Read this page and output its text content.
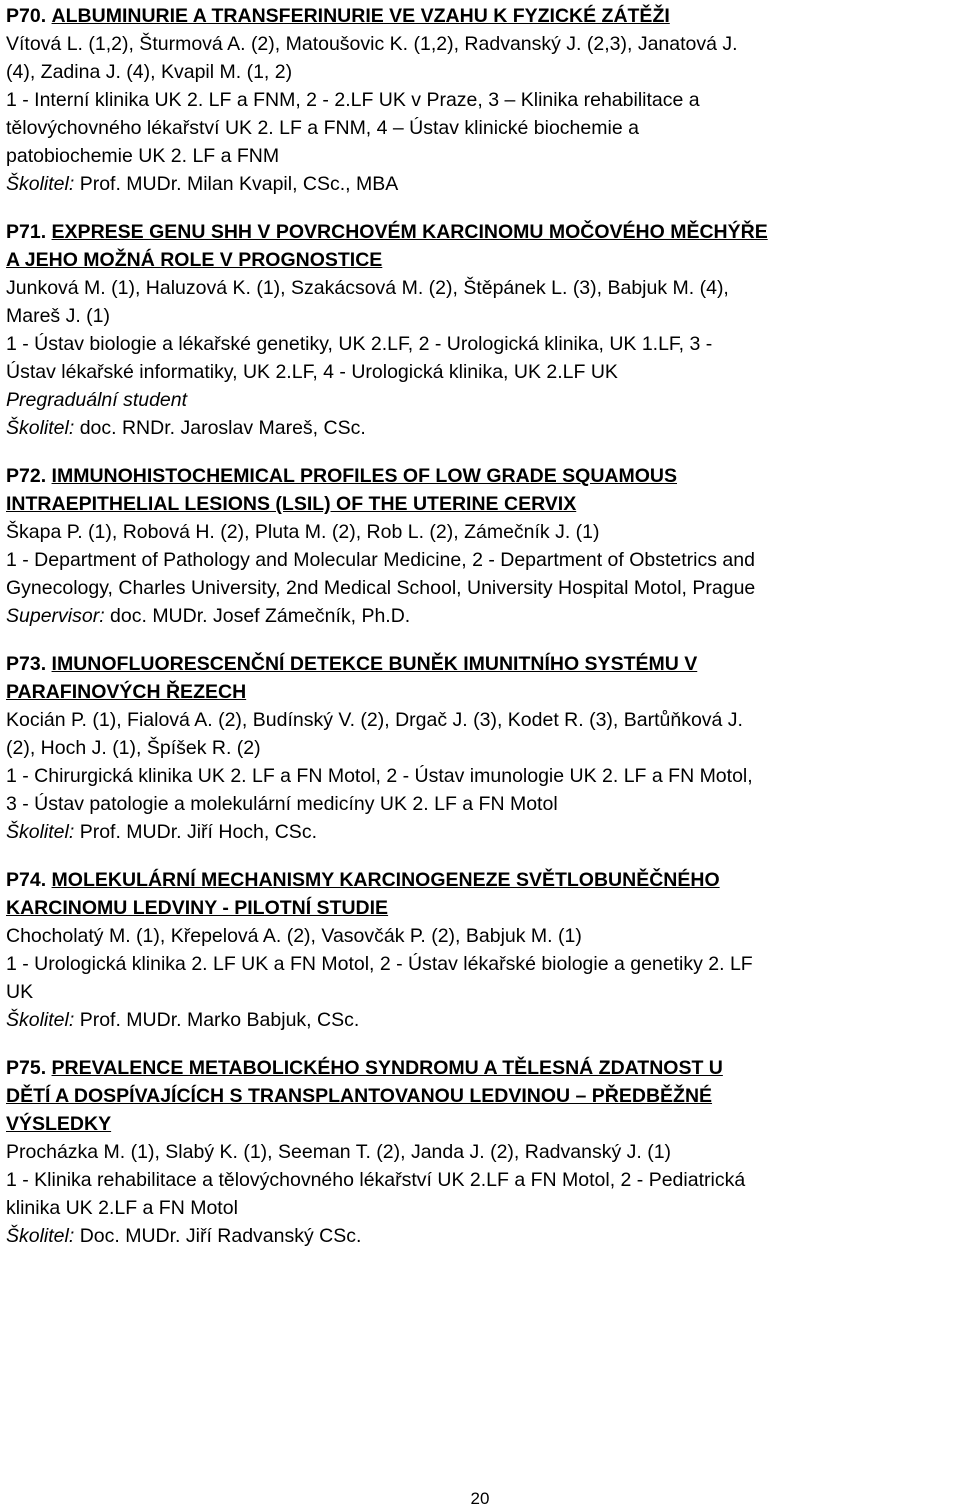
P70. ALBUMINURIE A TRANSFERINURIE VE VZAHU K FYZICKÉ ZÁTĚŽI
Vítová L. (1,2), Šturmová A. (2), Matoušovic K. (1,2), Radvanský J. (2,3), Janatová J.
(4), Zadina J. (4), Kvapil M. (1, 2)
1 - Interní klinika UK 2. LF a FNM, 2 - 2.LF UK v Praze, 3 – Klinika rehabilitace a
tělovýchovného lékařství UK 2. LF a FNM, 4 – Ústav klinické biochemie a
patobiochemie UK 2. LF a FNM
Školitel: Prof. MUDr. Milan Kvapil, CSc., MBA
P71. EXPRESE GENU SHH V POVRCHOVÉM KARCINOMU MOČOVÉHO MĚCHÝŘE
A JEHO MOŽNÁ ROLE V PROGNOSTICE
Junková M. (1), Haluzová K. (1), Szakácsová M. (2), Štěpánek L. (3), Babjuk M. (4),
Mareš J. (1)
1 - Ústav biologie a lékařské genetiky, UK 2.LF, 2 - Urologická klinika, UK 1.LF, 3 -
Ústav lékařské informatiky, UK 2.LF, 4 - Urologická klinika, UK 2.LF UK
Pregraduální student
Školitel: doc. RNDr. Jaroslav Mareš, CSc.
P72. IMMUNOHISTOCHEMICAL PROFILES OF LOW GRADE SQUAMOUS
INTRAEPITHELIAL LESIONS (LSIL) OF THE UTERINE CERVIX
Škapa P. (1), Robová H. (2), Pluta M. (2), Rob L. (2), Zámečník J. (1)
1 - Department of Pathology and Molecular Medicine, 2 - Department of Obstetrics and
Gynecology, Charles University, 2nd Medical School, University Hospital Motol, Prague
Supervisor: doc. MUDr. Josef Zámečník, Ph.D.
P73. IMUNOFLUORESCENČNÍ DETEKCE BUNĚK IMUNITNÍHO SYSTÉMU V
PARAFINOVÝCH ŘEZECH
Kocián P. (1), Fialová A. (2), Budínský V. (2), Drgač J. (3), Kodet R. (3), Bartůňková J.
(2), Hoch J. (1), Špíšek R. (2)
1 - Chirurgická klinika UK 2. LF a FN Motol, 2 - Ústav imunologie UK 2. LF a FN Motol,
3 - Ústav patologie a molekulární medicíny UK 2. LF a FN Motol
Školitel: Prof. MUDr. Jiří Hoch, CSc.
P74. MOLEKULÁRNÍ MECHANISMY KARCINOGENEZE SVĚTLOBUNĚČNÉHO
KARCINOMU LEDVINY - PILOTNÍ STUDIE
Chocholatý M. (1), Křepelová A. (2), Vasovčák P. (2), Babjuk M. (1)
1 - Urologická klinika 2. LF UK a FN Motol, 2 - Ústav lékařské biologie a genetiky 2. LF
UK
Školitel: Prof. MUDr. Marko Babjuk, CSc.
P75. PREVALENCE METABOLICKÉHO SYNDROMU A TĚLESNÁ ZDATNOST U
DĚTÍ A DOSPÍVAJÍCÍCH S TRANSPLANTOVANOU LEDVINOU – PŘEDBĚŽNÉ
VÝSLEDKY
Procházka M. (1), Slabý K. (1), Seeman T. (2), Janda J. (2), Radvanský J. (1)
1 - Klinika rehabilitace a tělovýchovného lékařství UK 2.LF a FN Motol, 2 - Pediatrická
klinika UK 2.LF a FN Motol
Školitel: Doc. MUDr. Jiří Radvanský CSc.
20
